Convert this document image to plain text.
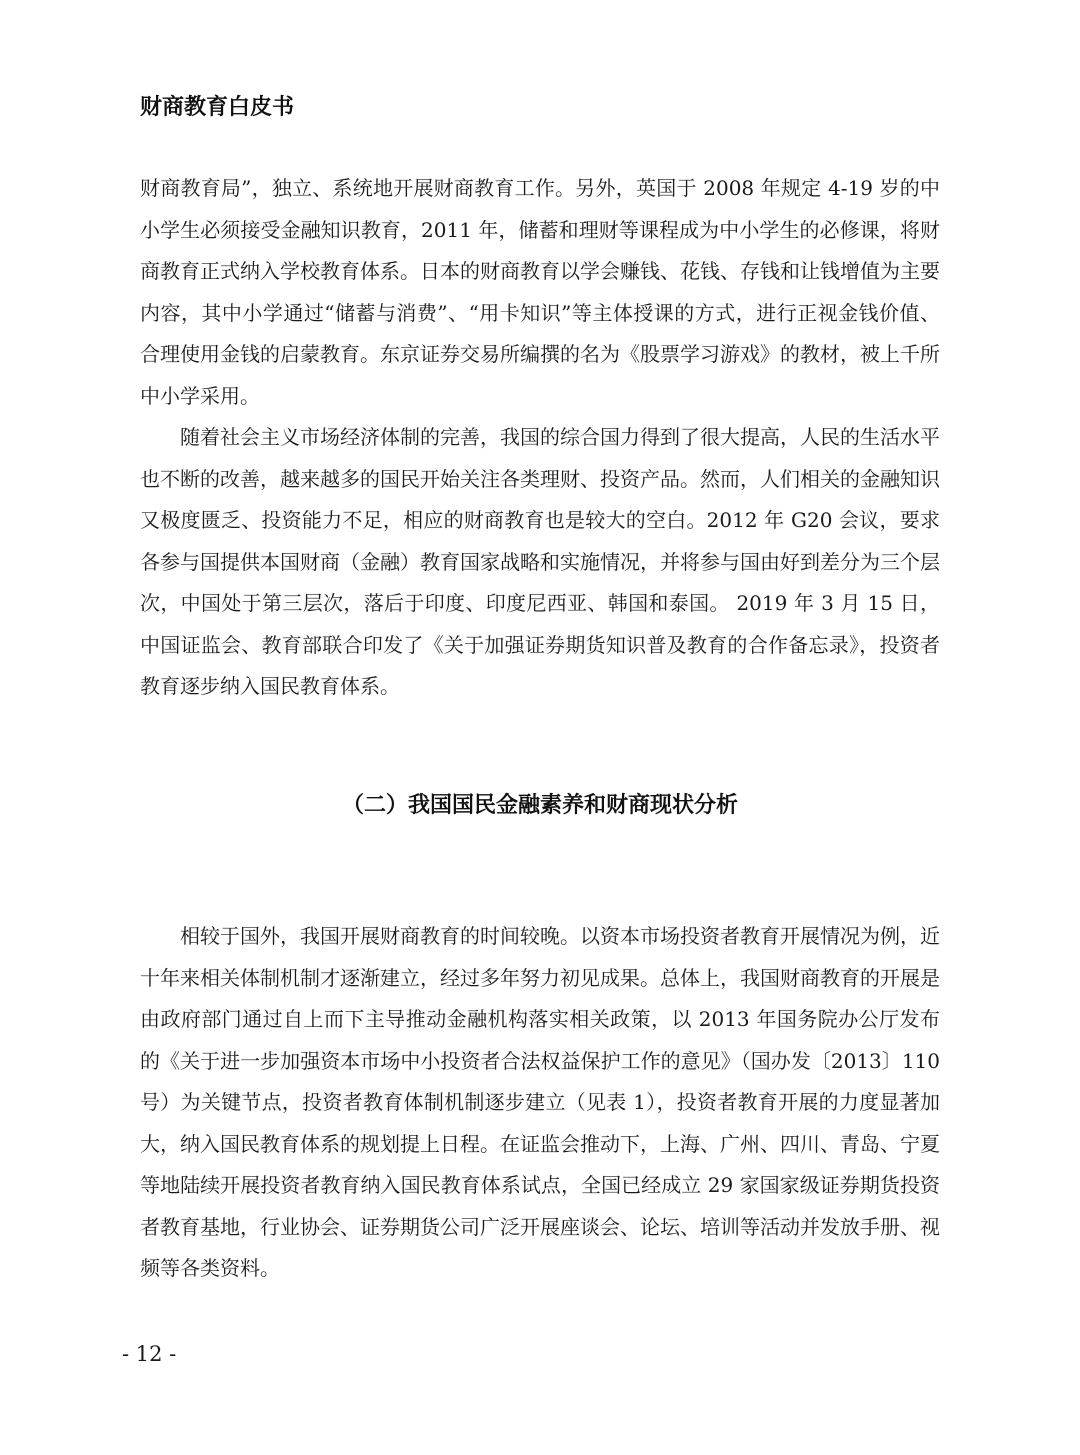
财商教育白皮书

财商教育局”，独立、系统地开展财商教育工作。另外，英国于 2008 年规定 4-19 岁的中小学生必须接受金融知识教育，2011 年，储蓄和理财等课程成为中小学生的必修课，将财商教育正式纳入学校教育体系。日本的财商教育以学会赚钱、花钱、存钱和让钱增值为主要内容，其中小学通过“储蓄与消费”、“用卡知识”等主体授课的方式，进行正视金钱价值、合理使用金钱的启蒙教育。东京证券交易所编撰的名为《股票学习游戏》的教材，被上千所中小学采用。

随着社会主义市场经济体制的完善，我国的综合国力得到了很大提高，人民的生活水平也不断的改善，越来越多的国民开始关注各类理财、投资产品。然而，人们相关的金融知识又极度匮乏、投资能力不足，相应的财商教育也是较大的空白。2012 年 G20 会议，要求各参与国提供本国财商（金融）教育国家战略和实施情况，并将参与国由好到差分为三个层次，中国处于第三层次，落后于印度、印度尼西亚、韩国和泰国。 2019 年 3 月 15 日，中国证监会、教育部联合印发了《关于加强证券期货知识普及教育的合作备忘录》，投资者教育逐步纳入国民教育体系。

（二）我国国民金融素养和财商现状分析

相较于国外，我国开展财商教育的时间较晚。以资本市场投资者教育开展情况为例，近十年来相关体制机制才逐渐建立，经过多年努力初见成果。总体上，我国财商教育的开展是由政府部门通过自上而下主导推动金融机构落实相关政策，以 2013 年国务院办公厅发布的《关于进一步加强资本市场中小投资者合法权益保护工作的意见》（国办发〔2013〕110 号）为关键节点，投资者教育体制机制逐步建立（见表 1），投资者教育开展的力度显著加大，纳入国民教育体系的规划提上日程。在证监会推动下，上海、广州、四川、青岛、宁夏等地陆续开展投资者教育纳入国民教育体系试点，全国已经成立 29 家国家级证券期货投资者教育基地，行业协会、证券期货公司广泛开展座谈会、论坛、培训等活动并发放手册、视频等各类资料。

- 12 -
